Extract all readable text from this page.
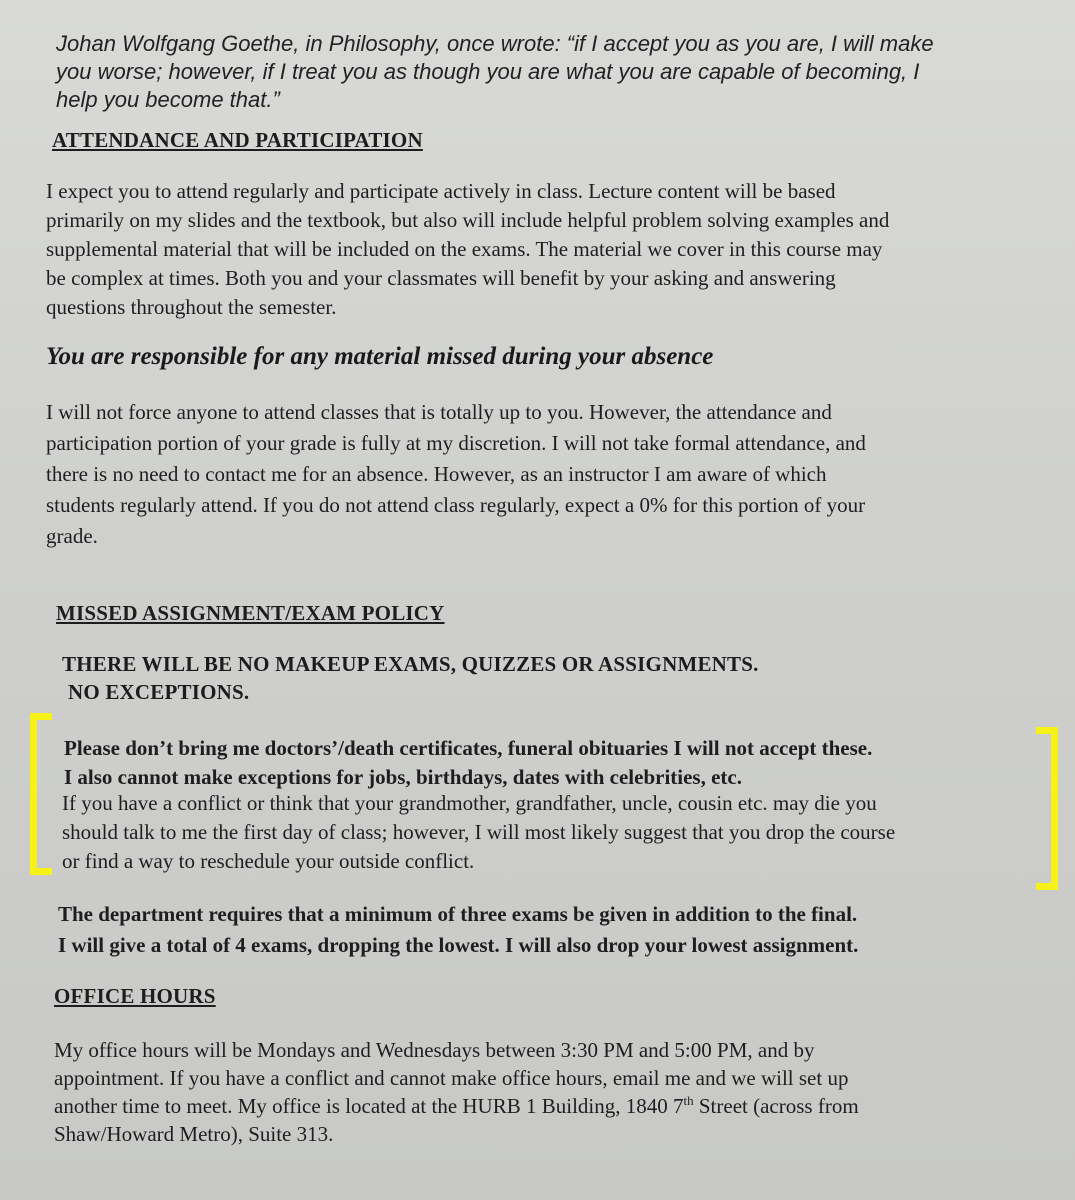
Johan Wolfgang Goethe, in Philosophy, once wrote: “if I accept you as you are, I will make
you worse; however, if I treat you as though you are what you are capable of becoming, I
help you become that.”
ATTENDANCE AND PARTICIPATION
I expect you to attend regularly and participate actively in class. Lecture content will be based
primarily on my slides and the textbook, but also will include helpful problem solving examples and
supplemental material that will be included on the exams. The material we cover in this course may
be complex at times. Both you and your classmates will benefit by your asking and answering
questions throughout the semester.
You are responsible for any material missed during your absence
I will not force anyone to attend classes that is totally up to you. However, the attendance and
participation portion of your grade is fully at my discretion. I will not take formal attendance, and
there is no need to contact me for an absence. However, as an instructor I am aware of which
students regularly attend. If you do not attend class regularly, expect a 0% for this portion of your
grade.
MISSED ASSIGNMENT/EXAM POLICY
THERE WILL BE NO MAKEUP EXAMS, QUIZZES OR ASSIGNMENTS.
NO EXCEPTIONS.
Please don’t bring me doctors’/death certificates, funeral obituaries I will not accept these.
I also cannot make exceptions for jobs, birthdays, dates with celebrities, etc.
If you have a conflict or think that your grandmother, grandfather, uncle, cousin etc. may die you
should talk to me the first day of class; however, I will most likely suggest that you drop the course
or find a way to reschedule your outside conflict.
The department requires that a minimum of three exams be given in addition to the final.
I will give a total of 4 exams, dropping the lowest. I will also drop your lowest assignment.
OFFICE HOURS
My office hours will be Mondays and Wednesdays between 3:30 PM and 5:00 PM, and by
appointment. If you have a conflict and cannot make office hours, email me and we will set up
another time to meet. My office is located at the HURB 1 Building, 1840 7th Street (across from
Shaw/Howard Metro), Suite 313.
